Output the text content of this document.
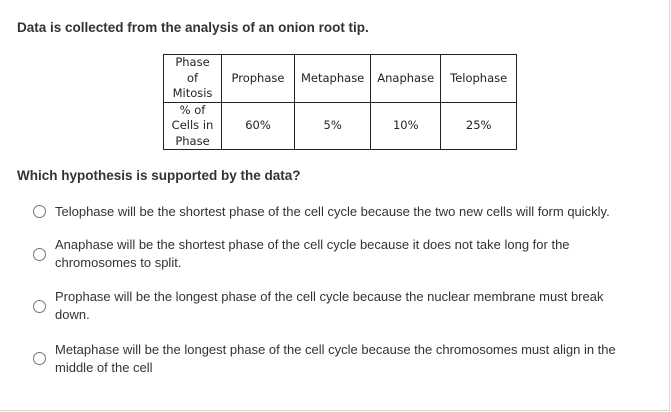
Data is collected from the analysis of an onion root tip.
Phase
of
Mitosis	Prophase	Metaphase	Anaphase	Telophase
% of
Cells in
Phase	60%	5%	10%	25%
Which hypothesis is supported by the data?
Telophase will be the shortest phase of the cell cycle because the two new cells will form quickly.
Anaphase will be the shortest phase of the cell cycle because it does not take long for the chromosomes to split.
Prophase will be the longest phase of the cell cycle because the nuclear membrane must break down.
Metaphase will be the longest phase of the cell cycle because the chromosomes must align in the middle of the cell
